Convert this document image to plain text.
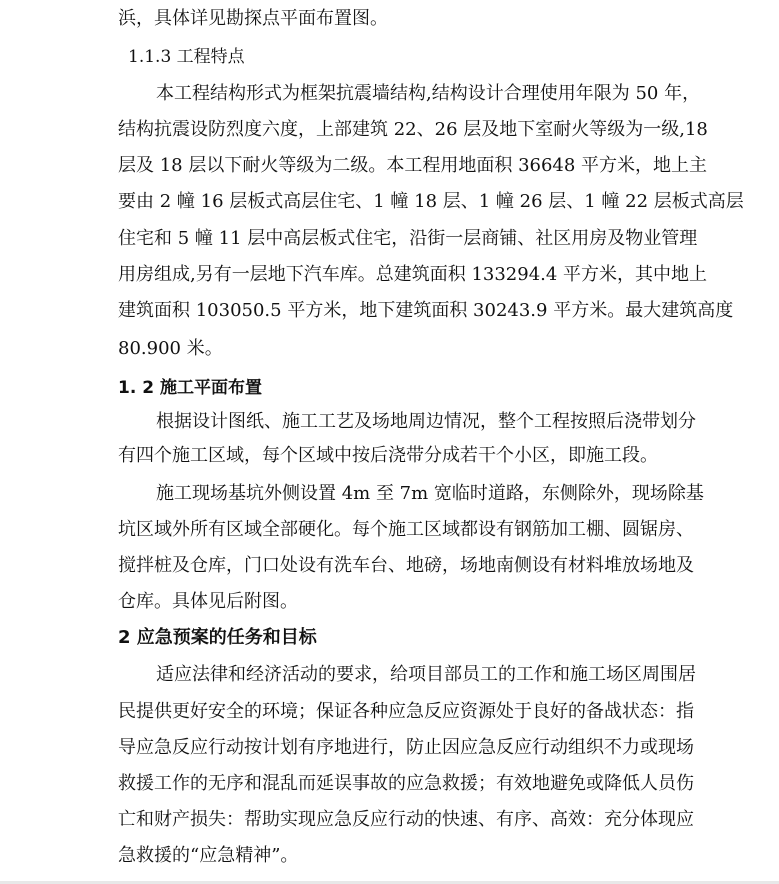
浜，具体详见勘探点平面布置图。
1.1.3 工程特点
本工程结构形式为框架抗震墙结构,结构设计合理使用年限为 50 年，
结构抗震设防烈度六度，上部建筑 22、26 层及地下室耐火等级为一级,18
层及 18 层以下耐火等级为二级。本工程用地面积 36648 平方米，地上主
要由 2 幢 16 层板式高层住宅、1 幢 18 层、1 幢 26 层、1 幢 22 层板式高层
住宅和 5 幢 11 层中高层板式住宅，沿街一层商铺、社区用房及物业管理
用房组成,另有一层地下汽车库。总建筑面积 133294.4 平方米，其中地上
建筑面积 103050.5 平方米，地下建筑面积 30243.9 平方米。最大建筑高度
80.900 米。
1. 2 施工平面布置
根据设计图纸、施工工艺及场地周边情况，整个工程按照后浇带划分
有四个施工区域，每个区域中按后浇带分成若干个小区，即施工段。
施工现场基坑外侧设置 4m 至 7m 宽临时道路，东侧除外，现场除基
坑区域外所有区域全部硬化。每个施工区域都设有钢筋加工棚、圆锯房、
搅拌桩及仓库，门口处设有洗车台、地磅，场地南侧设有材料堆放场地及
仓库。具体见后附图。
2 应急预案的任务和目标
适应法律和经济活动的要求，给项目部员工的工作和施工场区周围居
民提供更好安全的环境；保证各种应急反应资源处于良好的备战状态：指
导应急反应行动按计划有序地进行，防止因应急反应行动组织不力或现场
救援工作的无序和混乱而延误事故的应急救援；有效地避免或降低人员伤
亡和财产损失：帮助实现应急反应行动的快速、有序、高效：充分体现应
急救援的“应急精神”。
